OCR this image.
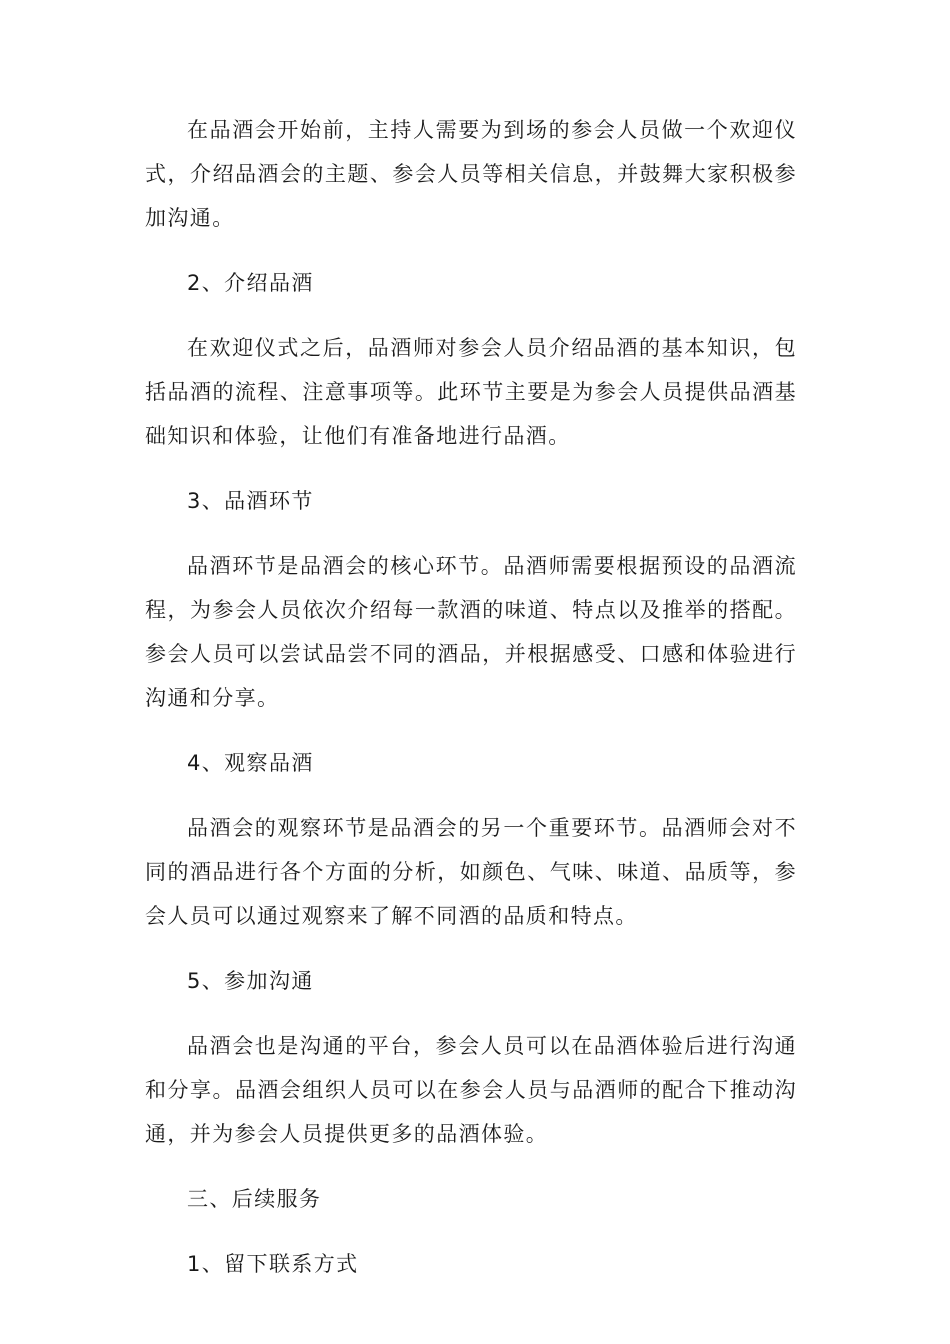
在品酒会开始前，主持人需要为到场的参会人员做一个欢迎仪式，介绍品酒会的主题、参会人员等相关信息，并鼓舞大家积极参加沟通。

2、介绍品酒

在欢迎仪式之后，品酒师对参会人员介绍品酒的基本知识，包括品酒的流程、注意事项等。此环节主要是为参会人员提供品酒基础知识和体验，让他们有准备地进行品酒。

3、品酒环节

品酒环节是品酒会的核心环节。品酒师需要根据预设的品酒流程，为参会人员依次介绍每一款酒的味道、特点以及推举的搭配。参会人员可以尝试品尝不同的酒品，并根据感受、口感和体验进行沟通和分享。

4、观察品酒

品酒会的观察环节是品酒会的另一个重要环节。品酒师会对不同的酒品进行各个方面的分析，如颜色、气味、味道、品质等，参会人员可以通过观察来了解不同酒的品质和特点。

5、参加沟通

品酒会也是沟通的平台，参会人员可以在品酒体验后进行沟通和分享。品酒会组织人员可以在参会人员与品酒师的配合下推动沟通，并为参会人员提供更多的品酒体验。

三、后续服务

1、留下联系方式
